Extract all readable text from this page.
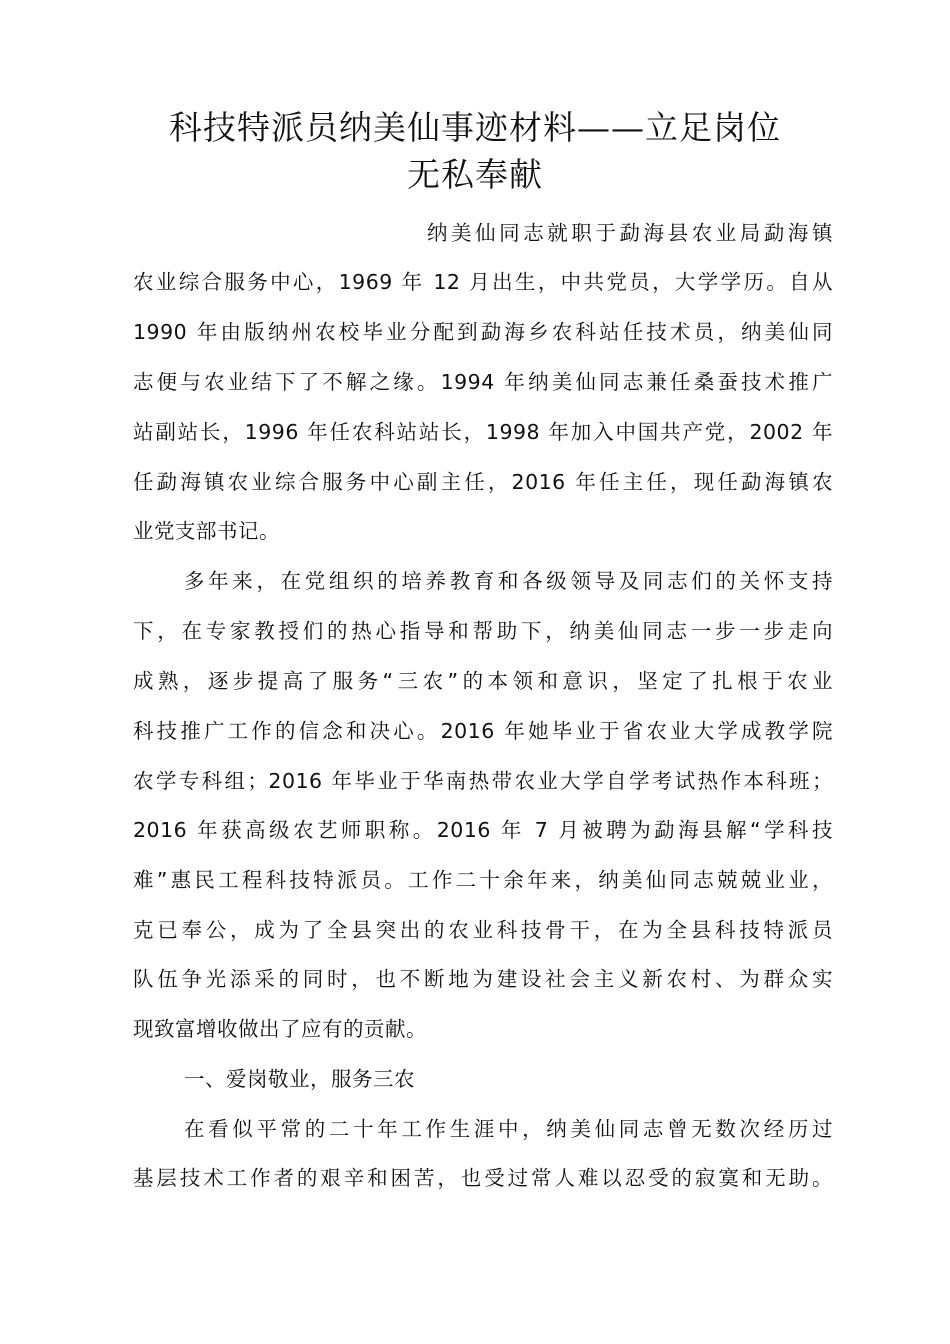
科技特派员纳美仙事迹材料——立足岗位
无私奉献
纳美仙同志就职于勐海县农业局勐海镇
农业综合服务中心，1969 年 12 月出生，中共党员，大学学历。自从
1990 年由版纳州农校毕业分配到勐海乡农科站任技术员，纳美仙同
志便与农业结下了不解之缘。1994 年纳美仙同志兼任桑蚕技术推广
站副站长，1996 年任农科站站长，1998 年加入中国共产党，2002 年
任勐海镇农业综合服务中心副主任，2016 年任主任，现任勐海镇农
业党支部书记。
多年来，在党组织的培养教育和各级领导及同志们的关怀支持
下，在专家教授们的热心指导和帮助下，纳美仙同志一步一步走向
成熟，逐步提高了服务“三农”的本领和意识，坚定了扎根于农业
科技推广工作的信念和决心。2016 年她毕业于省农业大学成教学院
农学专科组；2016 年毕业于华南热带农业大学自学考试热作本科班；
2016 年获高级农艺师职称。2016 年 7 月被聘为勐海县解“学科技
难”惠民工程科技特派员。工作二十余年来，纳美仙同志兢兢业业，
克已奉公，成为了全县突出的农业科技骨干，在为全县科技特派员
队伍争光添采的同时，也不断地为建设社会主义新农村、为群众实
现致富增收做出了应有的贡献。
一、爱岗敬业，服务三农
在看似平常的二十年工作生涯中，纳美仙同志曾无数次经历过
基层技术工作者的艰辛和困苦，也受过常人难以忍受的寂寞和无助。
